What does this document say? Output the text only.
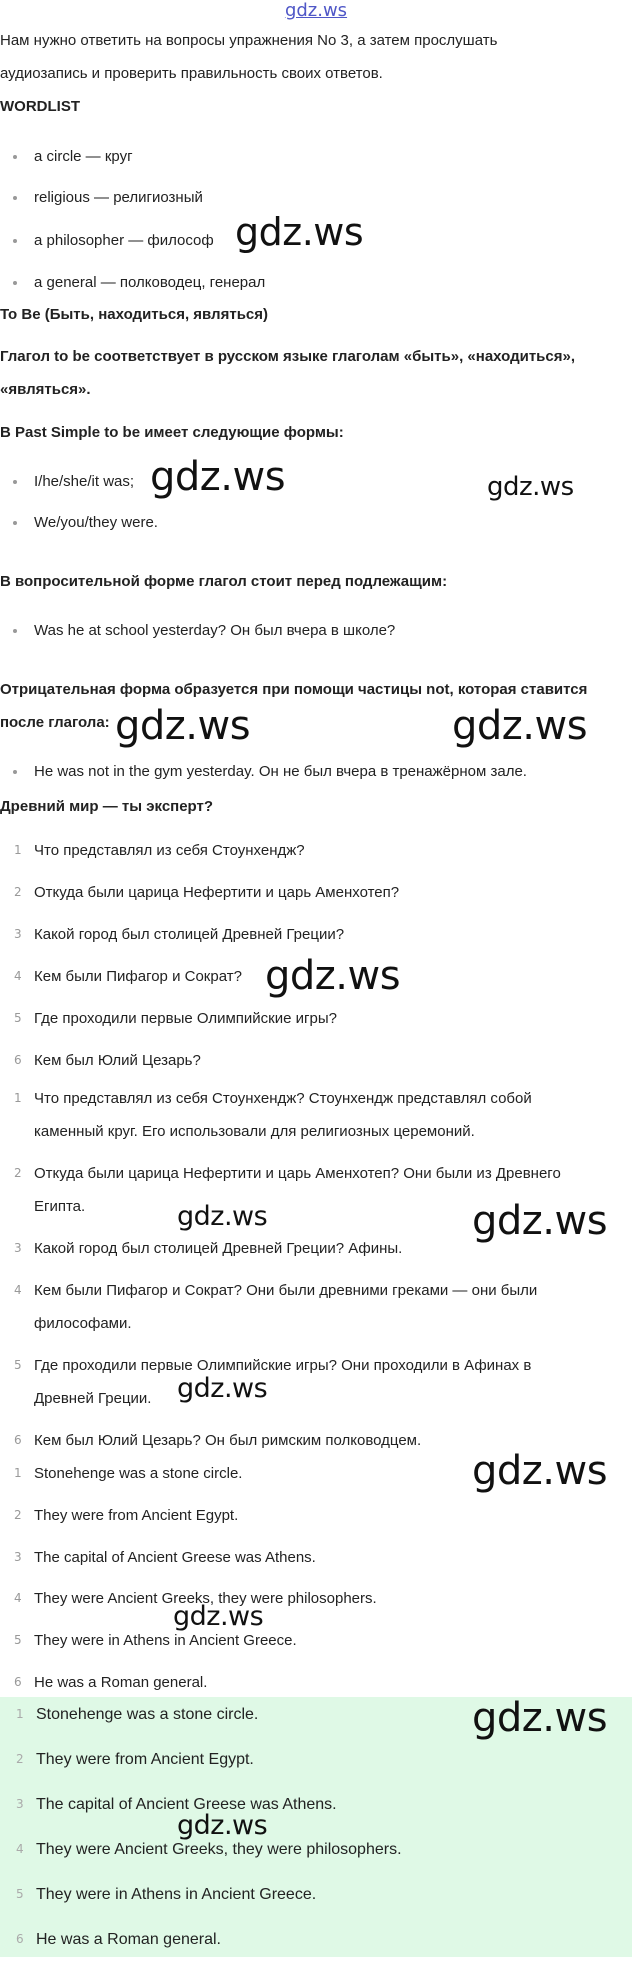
gdz.ws
Нам нужно ответить на вопросы упражнения No 3, а затем прослушать
аудиозапись и проверить правильность своих ответов.
WORDLIST
a circle — круг
religious — религиозный
a philosopher — философ
a general — полководец, генерал
To Be (Быть, находиться, являться)
Глагол to be соответствует в русском языке глаголам «быть», «находиться»,
«являться».
В Past Simple to be имеет следующие формы:
I/he/she/it was;
We/you/they were.
В вопросительной форме глагол стоит перед подлежащим:
Was he at school yesterday? Он был вчера в школе?
Отрицательная форма образуется при помощи частицы not, которая ставится
после глагола:
He was not in the gym yesterday. Он не был вчера в тренажёрном зале.
Древний мир — ты эксперт?
1 Что представлял из себя Стоунхендж?
2 Откуда были царица Нефертити и царь Аменхотеп?
3 Какой город был столицей Древней Греции?
4 Кем были Пифагор и Сократ?
5 Где проходили первые Олимпийские игры?
6 Кем был Юлий Цезарь?
1 Что представлял из себя Стоунхендж? Стоунхендж представлял собой
каменный круг. Его использовали для религиозных церемоний.
2 Откуда были царица Нефертити и царь Аменхотеп? Они были из Древнего
Египта.
3 Какой город был столицей Древней Греции? Афины.
4 Кем были Пифагор и Сократ? Они были древними греками — они были
философами.
5 Где проходили первые Олимпийские игры? Они проходили в Афинах в
Древней Греции.
6 Кем был Юлий Цезарь? Он был римским полководцем.
1 Stonehenge was a stone circle.
2 They were from Ancient Egypt.
3 The capital of Ancient Greese was Athens.
4 They were Ancient Greeks, they were philosophers.
5 They were in Athens in Ancient Greece.
6 He was a Roman general.
1 Stonehenge was a stone circle.
2 They were from Ancient Egypt.
3 The capital of Ancient Greese was Athens.
4 They were Ancient Greeks, they were philosophers.
5 They were in Athens in Ancient Greece.
6 He was a Roman general.
gdz.ws
gdz.ws	gdz.ws
gdz.ws	gdz.ws
gdz.ws
gdz.ws	gdz.ws
gdz.ws
gdz.ws
gdz.ws
gdz.ws
gdz.ws
